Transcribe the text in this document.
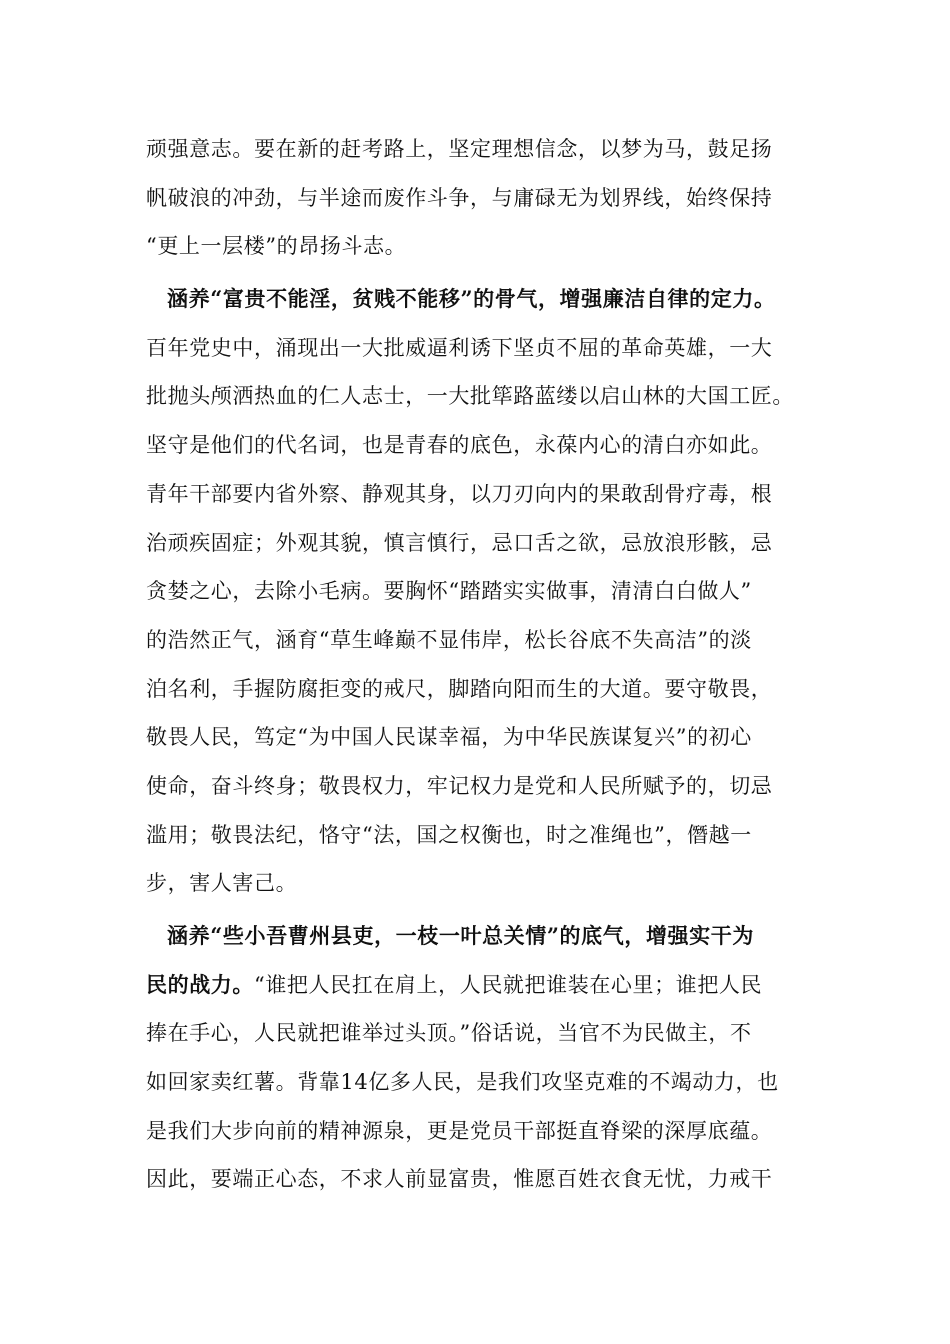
顽强意志。要在新的赶考路上，坚定理想信念，以梦为马，鼓足扬
帆破浪的冲劲，与半途而废作斗争，与庸碌无为划界线，始终保持
“更上一层楼”的昂扬斗志。
涵养“富贵不能淫，贫贱不能移”的骨气，增强廉洁自律的定力。
百年党史中，涌现出一大批威逼利诱下坚贞不屈的革命英雄，一大
批抛头颅洒热血的仁人志士，一大批筚路蓝缕以启山林的大国工匠。
坚守是他们的代名词，也是青春的底色，永葆内心的清白亦如此。
青年干部要内省外察、静观其身，以刀刃向内的果敢刮骨疗毒，根
治顽疾固症；外观其貌，慎言慎行，忌口舌之欲，忌放浪形骸，忌
贪婪之心，去除小毛病。要胸怀“踏踏实实做事，清清白白做人”
的浩然正气，涵育“草生峰巅不显伟岸，松长谷底不失高洁”的淡
泊名利，手握防腐拒变的戒尺，脚踏向阳而生的大道。要守敬畏，
敬畏人民，笃定“为中国人民谋幸福，为中华民族谋复兴”的初心
使命，奋斗终身；敬畏权力，牢记权力是党和人民所赋予的，切忌
滥用；敬畏法纪，恪守“法，国之权衡也，时之准绳也”，僭越一
步，害人害己。
涵养“些小吾曹州县吏，一枝一叶总关情”的底气，增强实干为
民的战力。“谁把人民扛在肩上，人民就把谁装在心里；谁把人民
捧在手心，人民就把谁举过头顶。”俗话说，当官不为民做主，不
如回家卖红薯。背靠14亿多人民，是我们攻坚克难的不竭动力，也
是我们大步向前的精神源泉，更是党员干部挺直脊梁的深厚底蕴。
因此，要端正心态，不求人前显富贵，惟愿百姓衣食无忧，力戒干
